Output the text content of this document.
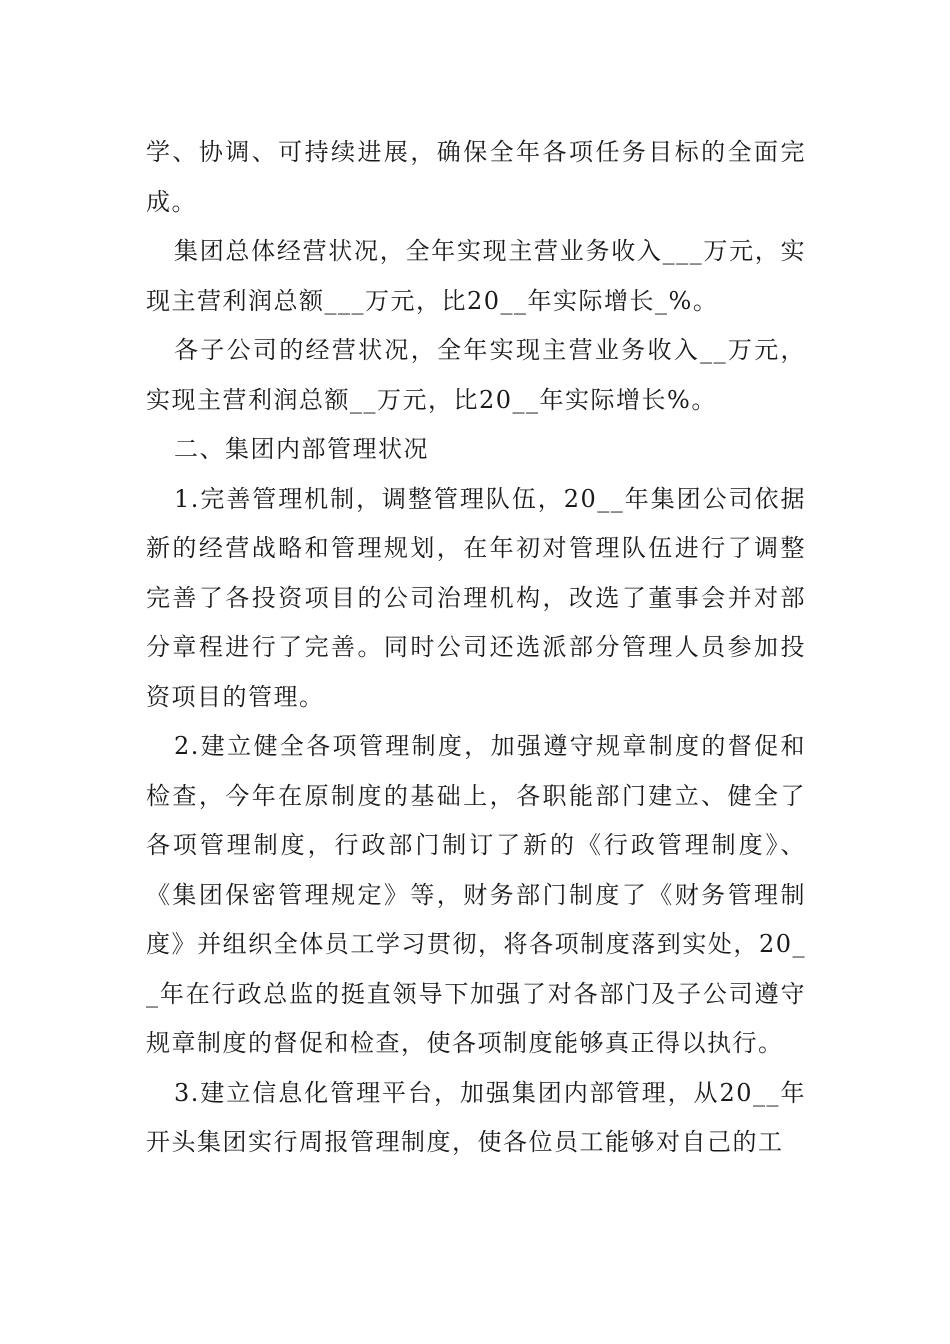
学、协调、可持续进展，确保全年各项任务目标的全面完成。

集团总体经营状况，全年实现主营业务收入___万元，实现主营利润总额___万元，比20__年实际增长_%。

各子公司的经营状况，全年实现主营业务收入__万元，实现主营利润总额__万元，比20__年实际增长%。

二、集团内部管理状况

1.完善管理机制，调整管理队伍，20__年集团公司依据新的经营战略和管理规划，在年初对管理队伍进行了调整完善了各投资项目的公司治理机构，改选了董事会并对部分章程进行了完善。同时公司还选派部分管理人员参加投资项目的管理。

2.建立健全各项管理制度，加强遵守规章制度的督促和检查，今年在原制度的基础上，各职能部门建立、健全了各项管理制度，行政部门制订了新的《行政管理制度》、《集团保密管理规定》等，财务部门制度了《财务管理制度》并组织全体员工学习贯彻，将各项制度落到实处，20__年在行政总监的挺直领导下加强了对各部门及子公司遵守规章制度的督促和检查，使各项制度能够真正得以执行。

3.建立信息化管理平台，加强集团内部管理，从20__年开头集团实行周报管理制度，使各位员工能够对自己的工
